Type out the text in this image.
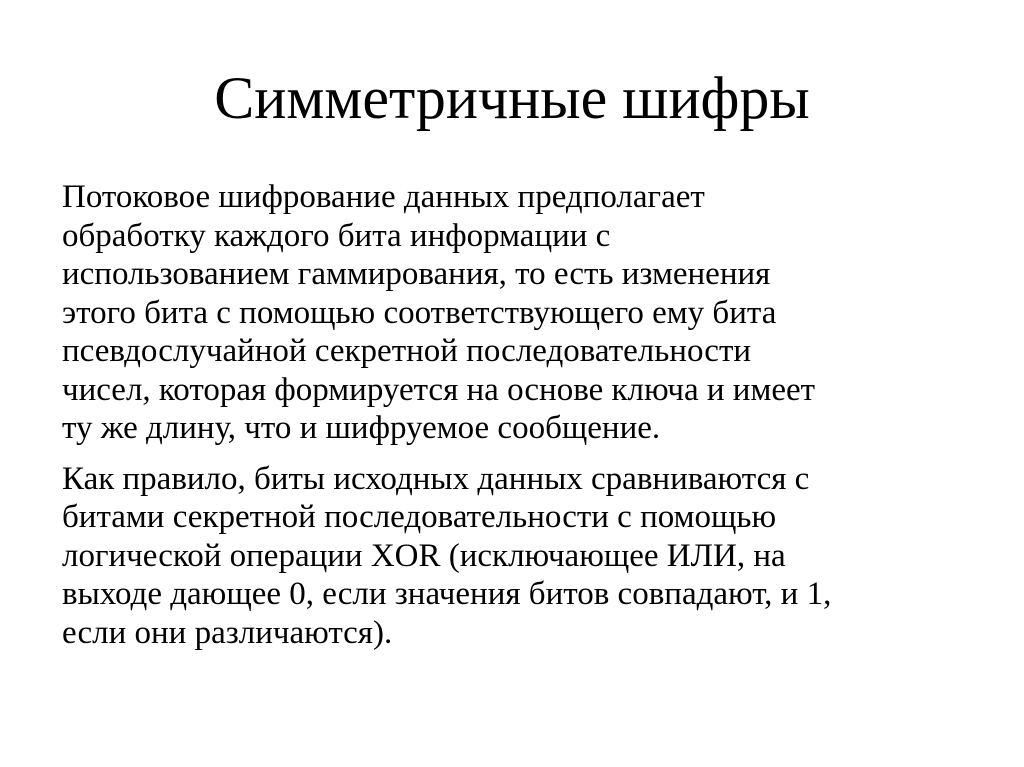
Симметричные шифры

Потоковое шифрование данных предполагает
обработку каждого бита информации с
использованием гаммирования, то есть изменения
этого бита с помощью соответствующего ему бита
псевдослучайной секретной последовательности
чисел, которая формируется на основе ключа и имеет
ту же длину, что и шифруемое сообщение.

Как правило, биты исходных данных сравниваются с
битами секретной последовательности с помощью
логической операции XOR (исключающее ИЛИ, на
выходе дающее 0, если значения битов совпадают, и 1,
если они различаются).
